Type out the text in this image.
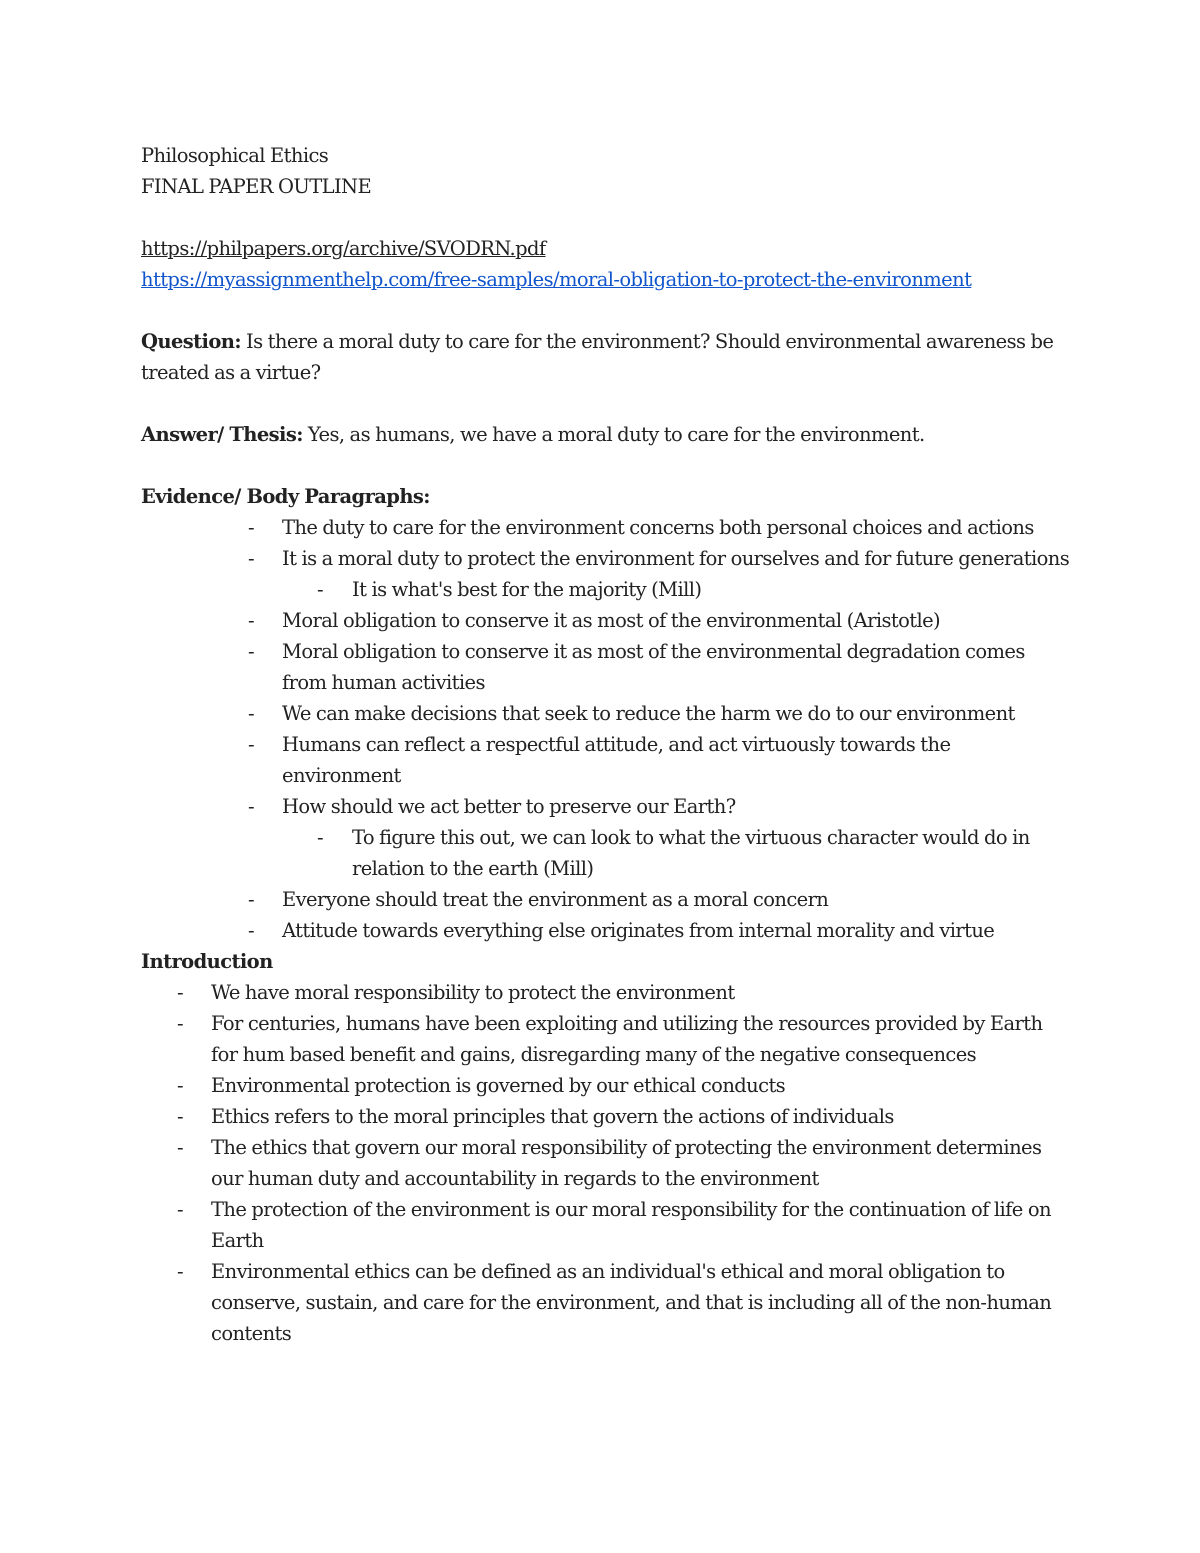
Philosophical Ethics
FINAL PAPER OUTLINE
https://philpapers.org/archive/SVODRN.pdf
https://myassignmenthelp.com/free-samples/moral-obligation-to-protect-the-environment
Question: Is there a moral duty to care for the environment? Should environmental awareness be treated as a virtue?
Answer/ Thesis: Yes, as humans, we have a moral duty to care for the environment.
Evidence/ Body Paragraphs:
- The duty to care for the environment concerns both personal choices and actions
- It is a moral duty to protect the environment for ourselves and for future generations
- It is what's best for the majority (Mill)
- Moral obligation to conserve it as most of the environmental (Aristotle)
- Moral obligation to conserve it as most of the environmental degradation comes from human activities
- We can make decisions that seek to reduce the harm we do to our environment
- Humans can reflect a respectful attitude, and act virtuously towards the environment
- How should we act better to preserve our Earth?
- To figure this out, we can look to what the virtuous character would do in relation to the earth (Mill)
- Everyone should treat the environment as a moral concern
- Attitude towards everything else originates from internal morality and virtue
Introduction
- We have moral responsibility to protect the environment
- For centuries, humans have been exploiting and utilizing the resources provided by Earth for hum based benefit and gains, disregarding many of the negative consequences
- Environmental protection is governed by our ethical conducts
- Ethics refers to the moral principles that govern the actions of individuals
- The ethics that govern our moral responsibility of protecting the environment determines our human duty and accountability in regards to the environment
- The protection of the environment is our moral responsibility for the continuation of life on Earth
- Environmental ethics can be defined as an individual's ethical and moral obligation to conserve, sustain, and care for the environment, and that is including all of the non-human contents
